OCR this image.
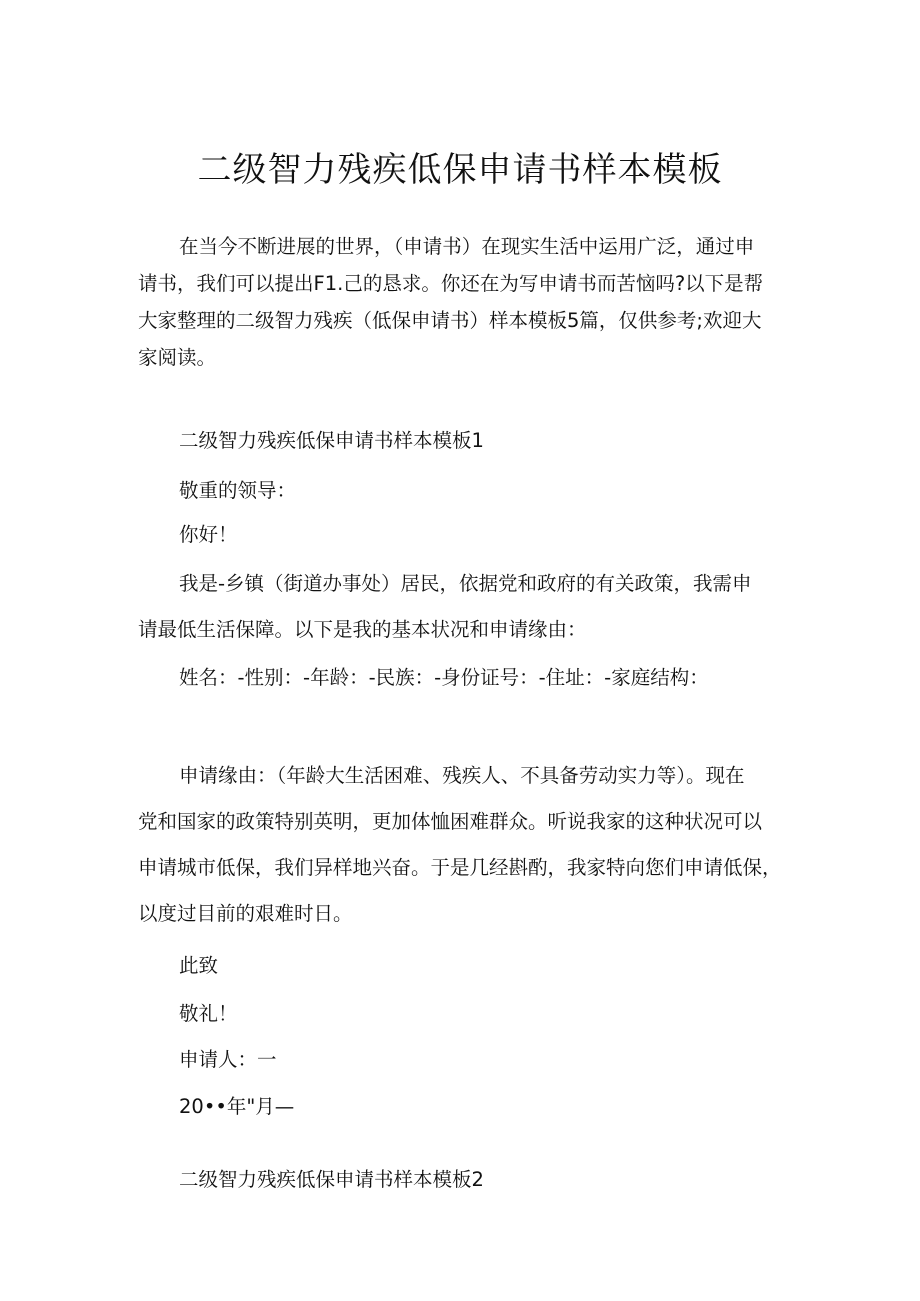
二级智力残疾低保申请书样本模板
在当今不断进展的世界，（申请书）在现实生活中运用广泛，通过申
请书，我们可以提出F1.己的恳求。你还在为写申请书而苦恼吗?以下是帮
大家整理的二级智力残疾（低保申请书）样本模板5篇，仅供参考;欢迎大
家阅读。

二级智力残疾低保申请书样本模板1

敬重的领导：

你好！

我是-乡镇（街道办事处）居民，依据党和政府的有关政策，我需申
请最低生活保障。以下是我的基本状况和申请缘由：

姓名：-性别：-年龄：-民族：-身份证号：-住址：-家庭结构：

申请缘由：（年龄大生活困难、残疾人、不具备劳动实力等）。现在
党和国家的政策特别英明，更加体恤困难群众。听说我家的这种状况可以
申请城市低保，我们异样地兴奋。于是几经斟酌，我家特向您们申请低保，
以度过目前的艰难时日。

此致

敬礼！

申请人：一

20••年"月—

二级智力残疾低保申请书样本模板2
